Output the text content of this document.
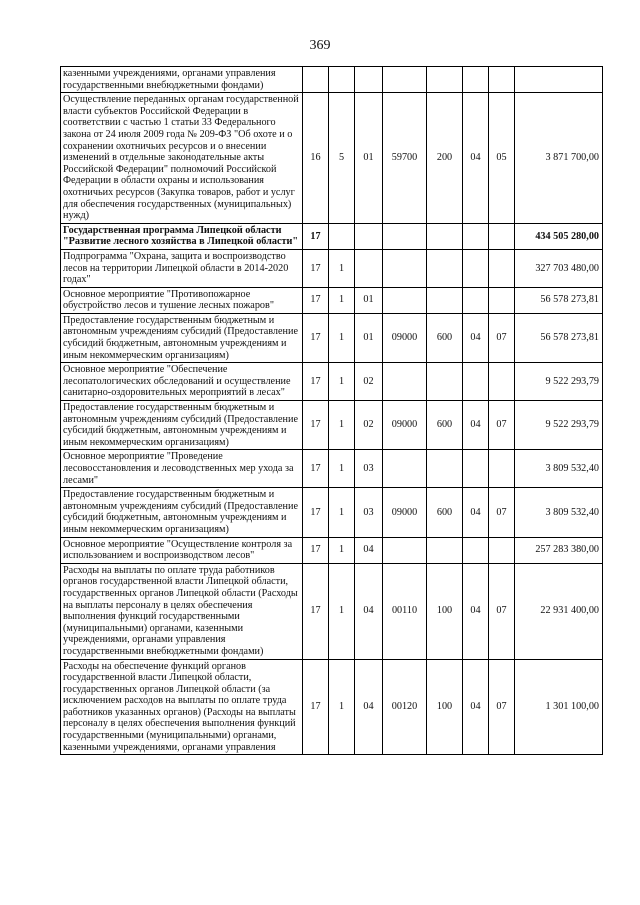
369
казенными учреждениями, органами управления государственными внебюджетными фондами)								
Осуществление переданных органам государственной власти субъектов Российской Федерации в соответствии с частью 1 статьи 33 Федерального закона от 24 июля 2009 года № 209-ФЗ "Об охоте и о сохранении охотничьих ресурсов и о внесении изменений в отдельные законодательные акты Российской Федерации" полномочий Российской Федерации в области охраны и использования охотничьих ресурсов (Закупка товаров, работ и услуг для обеспечения государственных (муниципальных) нужд)	16	5	01	59700	200	04	05	3 871 700,00
Государственная программа Липецкой области "Развитие лесного хозяйства в Липецкой области"	17							434 505 280,00
Подпрограмма "Охрана, защита и воспроизводство лесов на территории Липецкой области в 2014-2020 годах"	17	1						327 703 480,00
Основное мероприятие "Противопожарное обустройство лесов и тушение лесных пожаров"	17	1	01					56 578 273,81
Предоставление государственным бюджетным и автономным учреждениям субсидий (Предоставление субсидий бюджетным, автономным учреждениям и иным некоммерческим организациям)	17	1	01	09000	600	04	07	56 578 273,81
Основное мероприятие "Обеспечение лесопатологических обследований и осуществление санитарно-оздоровительных мероприятий в лесах"	17	1	02					9 522 293,79
Предоставление государственным бюджетным и автономным учреждениям субсидий (Предоставление субсидий бюджетным, автономным учреждениям и иным некоммерческим организациям)	17	1	02	09000	600	04	07	9 522 293,79
Основное мероприятие "Проведение лесовосстановления и лесоводственных мер ухода за лесами"	17	1	03					3 809 532,40
Предоставление государственным бюджетным и автономным учреждениям субсидий (Предоставление субсидий бюджетным, автономным учреждениям и иным некоммерческим организациям)	17	1	03	09000	600	04	07	3 809 532,40
Основное мероприятие "Осуществление контроля за использованием и воспроизводством лесов"	17	1	04					257 283 380,00
Расходы на выплаты по оплате труда работников органов государственной власти Липецкой области, государственных органов Липецкой области (Расходы на выплаты персоналу в целях обеспечения выполнения функций государственными (муниципальными) органами, казенными учреждениями, органами управления государственными внебюджетными фондами)	17	1	04	00110	100	04	07	22 931 400,00
Расходы на обеспечение функций органов государственной власти Липецкой области, государственных органов Липецкой области (за исключением расходов на выплаты по оплате труда работников указанных органов) (Расходы на выплаты персоналу в целях обеспечения выполнения функций государственными (муниципальными) органами, казенными учреждениями, органами управления	17	1	04	00120	100	04	07	1 301 100,00
